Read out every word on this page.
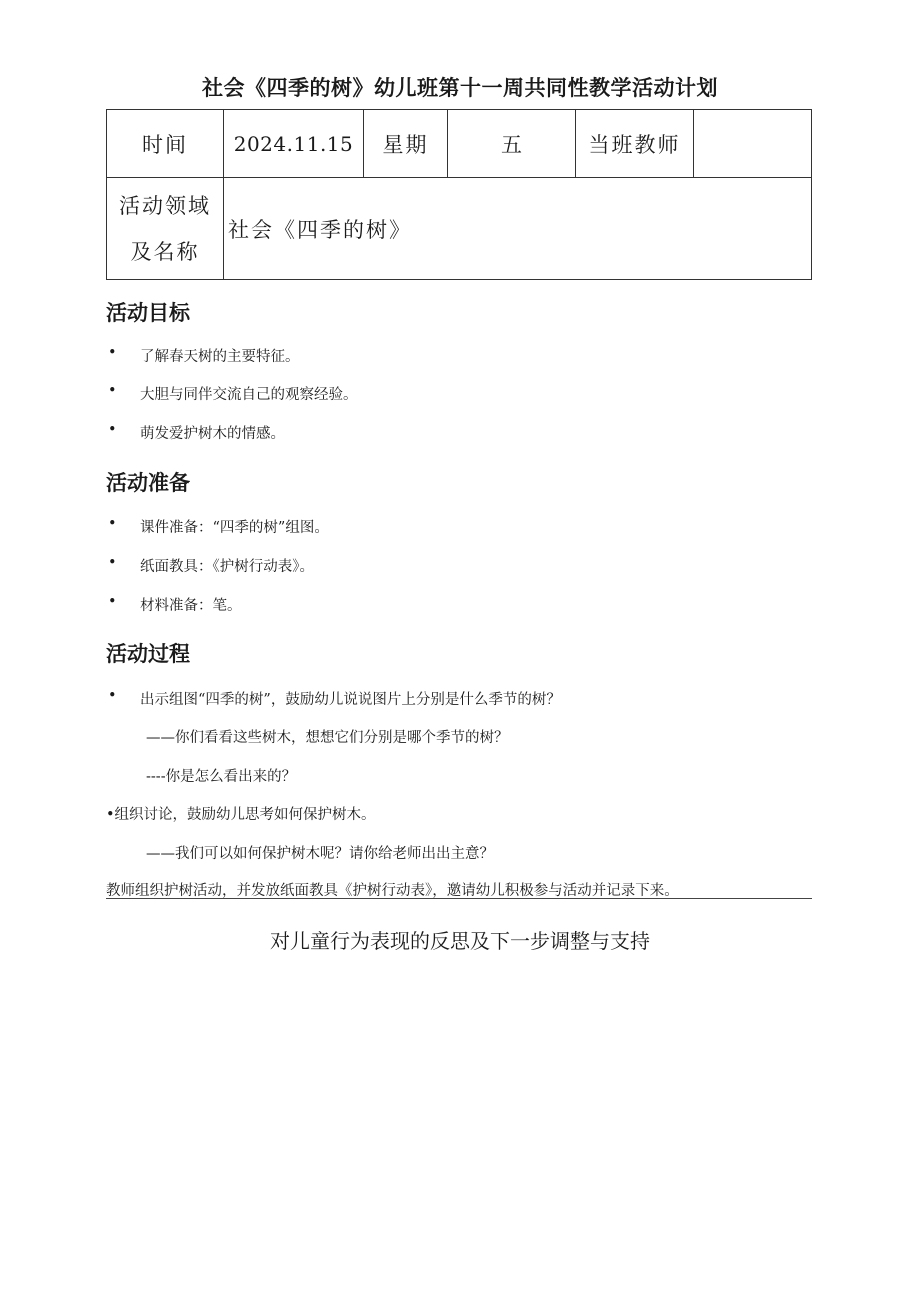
社会《四季的树》幼儿班第十一周共同性教学活动计划
时间	2024.11.15	星期	五	当班教师	

活动领域
及名称	社会《四季的树》				
活动目标
• 了解春天树的主要特征。
• 大胆与同伴交流自己的观察经验。
• 萌发爱护树木的情感。
活动准备
• 课件准备：“四季的树”组图。
• 纸面教具：《护树行动表》。
• 材料准备：笔。
活动过程
• 出示组图“四季的树”，鼓励幼儿说说图片上分别是什么季节的树？
——你们看看这些树木，想想它们分别是哪个季节的树？
----你是怎么看出来的？
•组织讨论，鼓励幼儿思考如何保护树木。
——我们可以如何保护树木呢？请你给老师出出主意？
教师组织护树活动，并发放纸面教具《护树行动表》，邀请幼儿积极参与活动并记录下来。
对儿童行为表现的反思及下一步调整与支持
